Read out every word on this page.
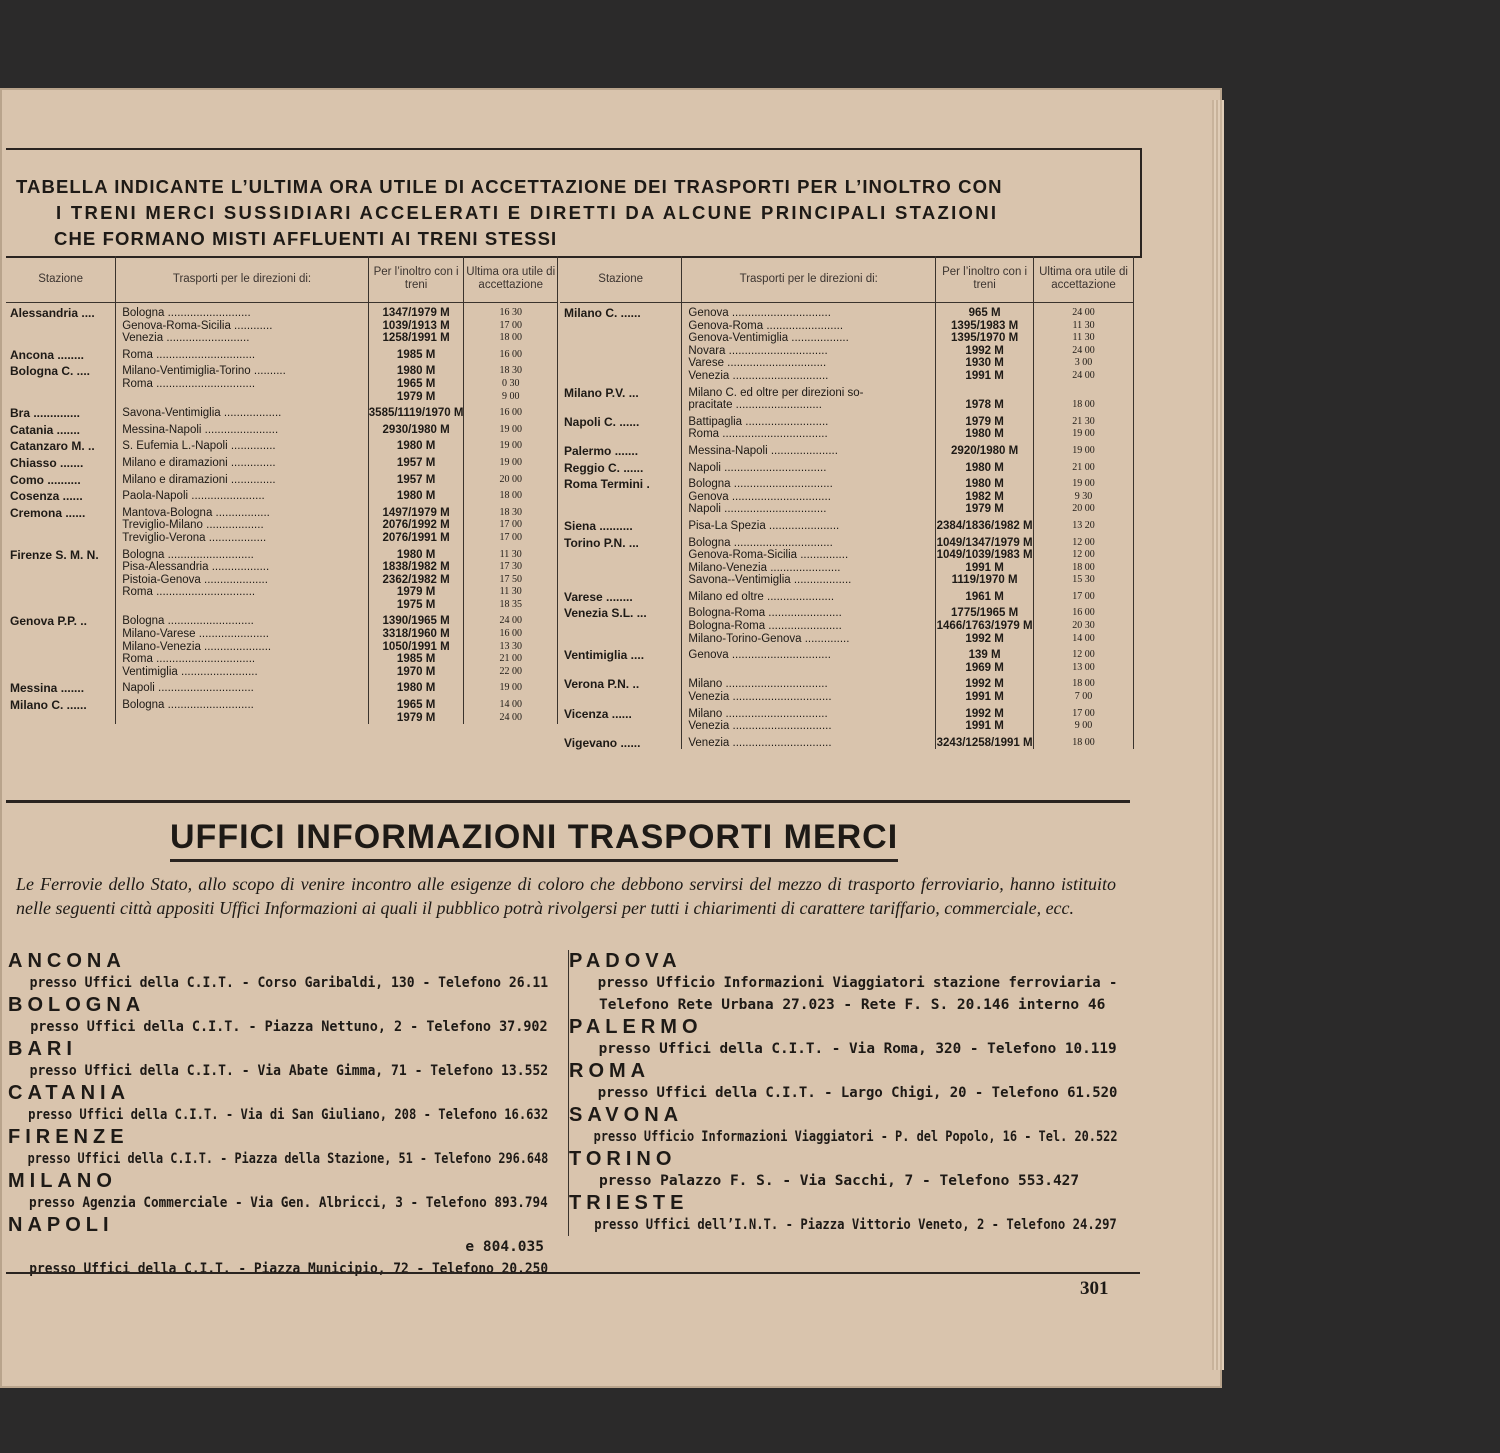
TABELLA INDICANTE L’ULTIMA ORA UTILE DI ACCETTAZIONE DEI TRASPORTI PER L’INOLTRO CON
I TRENI MERCI SUSSIDIARI ACCELERATI E DIRETTI DA ALCUNE PRINCIPALI STAZIONI
CHE FORMANO MISTI AFFLUENTI AI TRENI STESSI
Stazione	Trasporti per le direzioni di:	Per l’inoltro con i treni	Ultima ora utile di accettazione
Alessandria ....	Bologna ..........................	1347/1979 M	16 30
	Genova-Roma-Sicilia ............	1039/1913 M	17 00
	Venezia ..........................	1258/1991 M	18 00
Ancona ........	Roma ...............................	1985 M	16 00
Bologna C. ....	Milano-Ventimiglia-Torino ..........	1980 M	18 30
	Roma ...............................	1965 M	0 30
		1979 M	9 00
Bra ..............	Savona-Ventimiglia ..................	3585/1119/1970 M	16 00
Catania .......	Messina-Napoli .......................	2930/1980 M	19 00
Catanzaro M. ..	S. Eufemia L.-Napoli ..............	1980 M	19 00
Chiasso .......	Milano e diramazioni ..............	1957 M	19 00
Como ..........	Milano e diramazioni ..............	1957 M	20 00
Cosenza ......	Paola-Napoli .......................	1980 M	18 00
Cremona ......	Mantova-Bologna .................	1497/1979 M	18 30
	Treviglio-Milano ..................	2076/1992 M	17 00
	Treviglio-Verona ..................	2076/1991 M	17 00
Firenze S. M. N.	Bologna ...........................	1980 M	11 30
	Pisa-Alessandria ..................	1838/1982 M	17 30
	Pistoia-Genova ....................	2362/1982 M	17 50
	Roma ...............................	1979 M	11 30
		1975 M	18 35
Genova P.P. ..	Bologna ...........................	1390/1965 M	24 00
	Milano-Varese ......................	3318/1960 M	16 00
	Milano-Venezia .....................	1050/1991 M	13 30
	Roma ...............................	1985 M	21 00
	Ventimiglia ........................	1970 M	22 00
Messina .......	Napoli ..............................	1980 M	19 00
Milano C. ......	Bologna ...........................	1965 M	14 00
		1979 M	24 00
Stazione	Trasporti per le direzioni di:	Per l’inoltro con i treni	Ultima ora utile di accettazione
Milano C. ......	Genova ...............................	965 M	24 00
	Genova-Roma ........................	1395/1983 M	11 30
	Genova-Ventimiglia ..................	1395/1970 M	11 30
	Novara ...............................	1992 M	24 00
	Varese ...............................	1930 M	3 00
	Venezia ..............................	1991 M	24 00
Milano P.V. ...	Milano C. ed oltre per direzioni so-		
	pracitate ...........................	1978 M	18 00
Napoli C. ......	Battipaglia ..........................	1979 M	21 30
	Roma .................................	1980 M	19 00
Palermo .......	Messina-Napoli .....................	2920/1980 M	19 00
Reggio C. ......	Napoli ................................	1980 M	21 00
Roma Termini .	Bologna ...............................	1980 M	19 00
	Genova ...............................	1982 M	9 30
	Napoli ................................	1979 M	20 00
Siena ..........	Pisa-La Spezia ......................	2384/1836/1982 M	13 20
Torino P.N. ...	Bologna ...............................	1049/1347/1979 M	12 00
	Genova-Roma-Sicilia ...............	1049/1039/1983 M	12 00
	Milano-Venezia ......................	1991 M	18 00
	Savona--Ventimiglia ..................	1119/1970 M	15 30
Varese ........	Milano ed oltre .....................	1961 M	17 00
Venezia S.L. ...	Bologna-Roma .......................	1775/1965 M	16 00
	Bologna-Roma .......................	1466/1763/1979 M	20 30
	Milano-Torino-Genova ..............	1992 M	14 00
Ventimiglia ....	Genova ...............................	139 M	12 00
		1969 M	13 00
Verona P.N. ..	Milano ................................	1992 M	18 00
	Venezia ...............................	1991 M	7 00
Vicenza ......	Milano ................................	1992 M	17 00
	Venezia ...............................	1991 M	9 00
Vigevano ......	Venezia ...............................	3243/1258/1991 M	18 00
UFFICI INFORMAZIONI TRASPORTI MERCI
Le Ferrovie dello Stato, allo scopo di venire incontro alle esigenze di coloro che debbono servirsi del mezzo di trasporto ferroviario, hanno istituito nelle seguenti città appositi Uffici Informazioni ai quali il pubblico potrà rivolgersi per tutti i chiarimenti di carattere tariffario, commerciale, ecc.
ANCONA
presso Uffici della C.I.T. - Corso Garibaldi, 130 - Telefono 26.11
BOLOGNA
presso Uffici della C.I.T. - Piazza Nettuno, 2 - Telefono 37.902
BARI
presso Uffici della C.I.T. - Via Abate Gimma, 71 - Telefono 13.552
CATANIA
presso Uffici della C.I.T. - Via di San Giuliano, 208 - Telefono 16.632
FIRENZE
presso Uffici della C.I.T. - Piazza della Stazione, 51 - Telefono 296.648
MILANO
presso Agenzia Commerciale - Via Gen. Albricci, 3 - Telefono 893.794
NAPOLI
e 804.035
presso Uffici della C.I.T. - Piazza Municipio, 72 - Telefono 20.250
PADOVA
presso Ufficio Informazioni Viaggiatori stazione ferroviaria -
Telefono Rete Urbana 27.023 - Rete F. S. 20.146 interno 46
PALERMO
presso Uffici della C.I.T. - Via Roma, 320 - Telefono 10.119
ROMA
presso Uffici della C.I.T. - Largo Chigi, 20 - Telefono 61.520
SAVONA
presso Ufficio Informazioni Viaggiatori - P. del Popolo, 16 - Tel. 20.522
TORINO
presso Palazzo F. S. - Via Sacchi, 7 - Telefono 553.427
TRIESTE
presso Uffici dell’I.N.T. - Piazza Vittorio Veneto, 2 - Telefono 24.297
301
